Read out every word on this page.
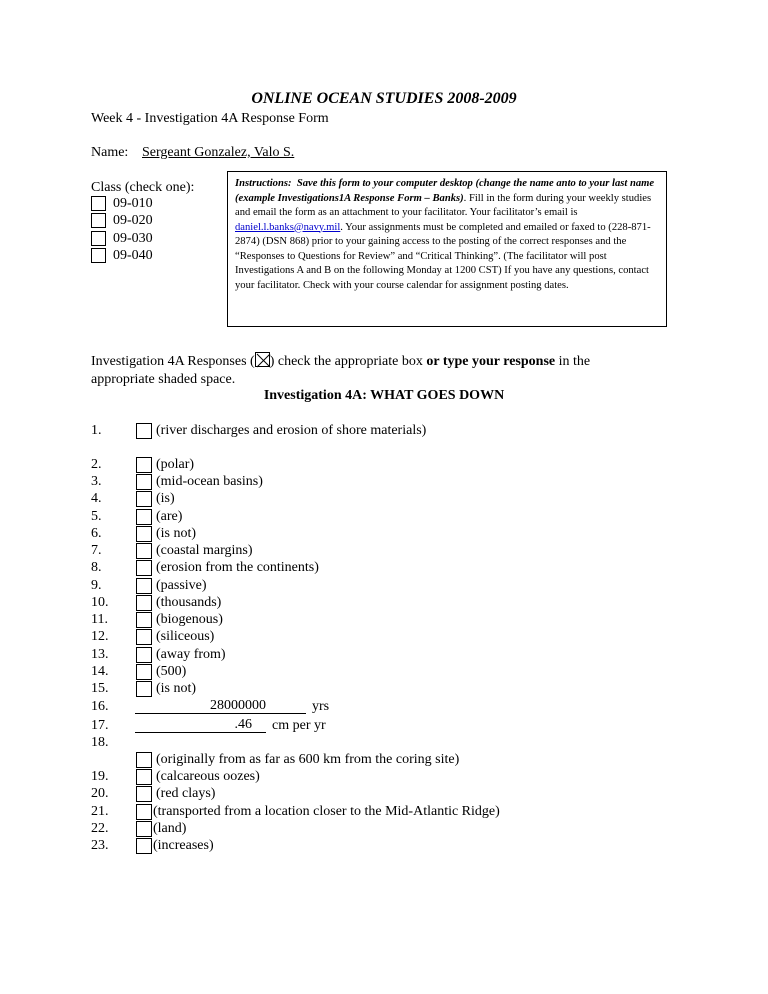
ONLINE OCEAN STUDIES 2008-2009
Week 4 - Investigation 4A Response Form
Name: Sergeant Gonzalez, Valo S.
Class (check one):
09-010
09-020
09-030
09-040
Instructions:  Save this form to your computer desktop (change the name anto to your last name (example Investigations1A Response Form – Banks). Fill in the form during your weekly studies and email the form as an attachment to your facilitator. Your facilitator’s email is daniel.l.banks@navy.mil. Your assignments must be completed and emailed or faxed to (228-871-2874) (DSN 868) prior to your gaining access to the posting of the correct responses and the “Responses to Questions for Review” and “Critical Thinking”. (The facilitator will post Investigations A and B on the following Monday at 1200 CST) If you have any questions, contact your facilitator. Check with your course calendar for assignment posting dates.
Investigation 4A Responses ( ) check the appropriate box or type your response in the appropriate shaded space.
Investigation 4A: WHAT GOES DOWN
1.	(river discharges and erosion of shore materials)
2.	(polar)
3.	(mid-ocean basins)
4.	(is)
5.	(are)
6.	(is not)
7.	(coastal margins)
8.	(erosion from the continents)
9.	(passive)
10.	(thousands)
11.	(biogenous)
12.	(siliceous)
13.	(away from)
14.	(500)
15.	(is not)
16.	28000000	yrs
17.	.46	cm per yr
18.
(originally from as far as 600 km from the coring site)
19.	(calcareous oozes)
20.	(red clays)
21.	(transported from a location closer to the Mid-Atlantic Ridge)
22.	(land)
23.	(increases)
